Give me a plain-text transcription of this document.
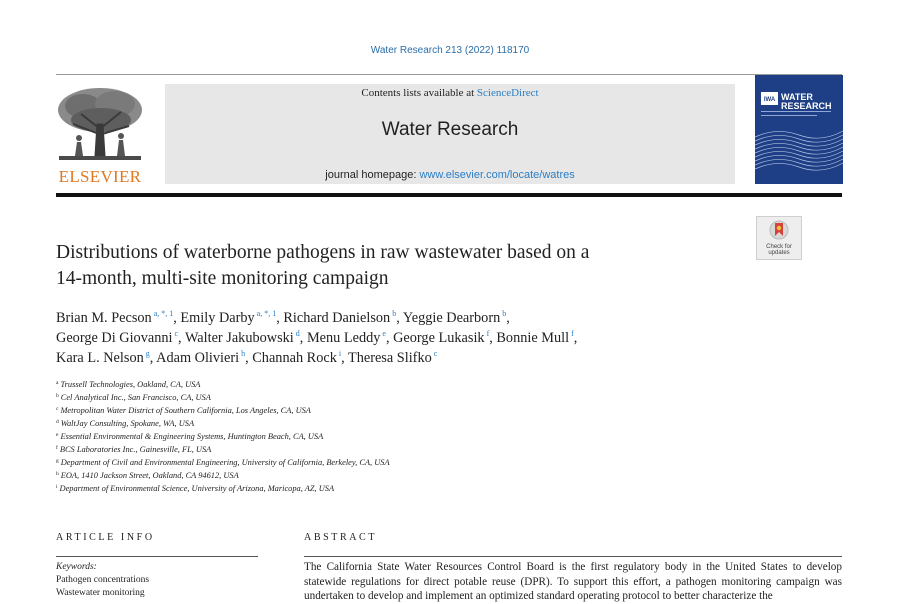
Water Research 213 (2022) 118170
ELSEVIER
Contents lists available at ScienceDirect
Water Research
journal homepage: www.elsevier.com/locate/watres
IWA WATER
RESEARCH
Check for
updates
Distributions of waterborne pathogens in raw wastewater based on a
14-month, multi-site monitoring campaign
Brian M. Pecson $^{a, *, 1}$, Emily Darby $^{a, *, 1}$, Richard Danielson $^b$, Yeggie Dearborn $^b$,
George Di Giovanni $^c$, Walter Jakubowski $^d$, Menu Leddy $^e$, George Lukasik $^f$, Bonnie Mull $^f$,
Kara L. Nelson $^g$, Adam Olivieri $^h$, Channah Rock $^i$, Theresa Slifko $^c$
$^a$ Trussell Technologies, Oakland, CA, USA
$^b$ Cel Analytical Inc., San Francisco, CA, USA
$^c$ Metropolitan Water District of Southern California, Los Angeles, CA, USA
$^d$ WaltJay Consulting, Spokane, WA, USA
$^e$ Essential Environmental & Engineering Systems, Huntington Beach, CA, USA
$^f$ BCS Laboratories Inc., Gainesville, FL, USA
$^g$ Department of Civil and Environmental Engineering, University of California, Berkeley, CA, USA
$^h$ EOA, 1410 Jackson Street, Oakland, CA 94612, USA
$^i$ Department of Environmental Science, University of Arizona, Maricopa, AZ, USA
ARTICLE INFO
Keywords:
Pathogen concentrations
Wastewater monitoring
ABSTRACT
The California State Water Resources Control Board is the first regulatory body in the United States to develop statewide regulations for direct potable reuse (DPR). To support this effort, a pathogen monitoring campaign was undertaken to develop and implement an optimized standard operating protocol to better characterize the
